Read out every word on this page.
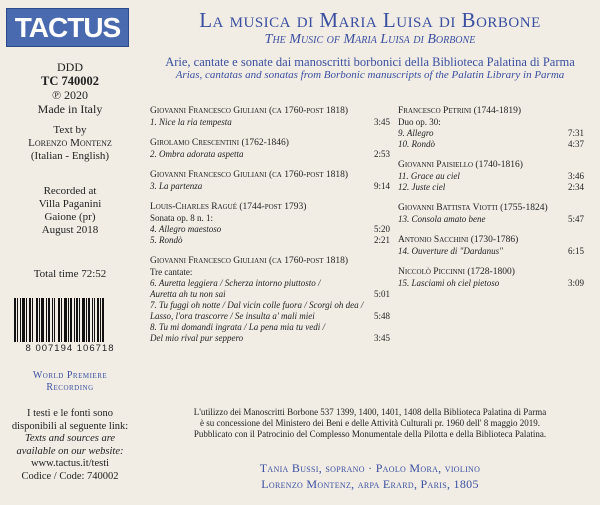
TACTUS
DDD
TC 740002
℗ 2020
Made in Italy
Text by
Lorenzo Montenz
(Italian - English)
Recorded at
Villa Paganini
Gaione (pr)
August 2018
Total time 72:52
8 007194 106718
World Premiere
Recording
I testi e le fonti sono
disponibili al seguente link:
Texts and sources are
available on our website:
www.tactus.it/testi
Codice / Code: 740002
La musica di Maria Luisa di Borbone
The Music of Maria Luisa di Borbone
Arie, cantate e sonate dai manoscritti borbonici della Biblioteca Palatina di Parma
Arias, cantatas and sonatas from Borbonic manuscripts of the Palatin Library in Parma
Giovanni Francesco Giuliani (ca 1760-post 1818)
1. Nice la ria tempesta	3:45
Girolamo Crescentini (1762-1846)
2. Ombra adorata aspetta	2:53
Giovanni Francesco Giuliani (ca 1760-post 1818)
3. La partenza	9:14
Louis-Charles Ragué (1744-post 1793)
Sonata op. 8 n. 1:
4. Allegro maestoso	5:20
5. Rondò	2:21
Giovanni Francesco Giuliani (ca 1760-post 1818)
Tre cantate:
6. Auretta leggiera / Scherza intorno piuttosto /
Auretta ah tu non sai	5:01
7. Tu fuggi oh notte / Dal vicin colle fuora / Scorgi oh dea /
Lasso, l'ora trascorre / Se insulta a' mali miei	5:48
8. Tu mi domandi ingrata / La pena mia tu vedi /
Del mio rival pur seppero	3:45
Francesco Petrini (1744-1819)
Duo op. 30:
9. Allegro	7:31
10. Rondò	4:37
Giovanni Paisiello (1740-1816)
11. Grace au ciel	3:46
12. Juste ciel	2:34
Giovanni Battista Viotti (1755-1824)
13. Consola amato bene	5:47
Antonio Sacchini (1730-1786)
14. Ouverture di "Dardanus"	6:15
Niccolò Piccinni (1728-1800)
15. Lasciami oh ciel pietoso	3:09
L'utilizzo dei Manoscritti Borbone 537 1399, 1400, 1401, 1408 della Biblioteca Palatina di Parma
è su concessione del Ministero dei Beni e delle Attività Culturali pr. 1960 dell' 8 maggio 2019.
Pubblicato con il Patrocinio del Complesso Monumentale della Pilotta e della Biblioteca Palatina.
Tania Bussi, soprano · Paolo Mora, violino
Lorenzo Montenz, arpa Erard, Paris, 1805
